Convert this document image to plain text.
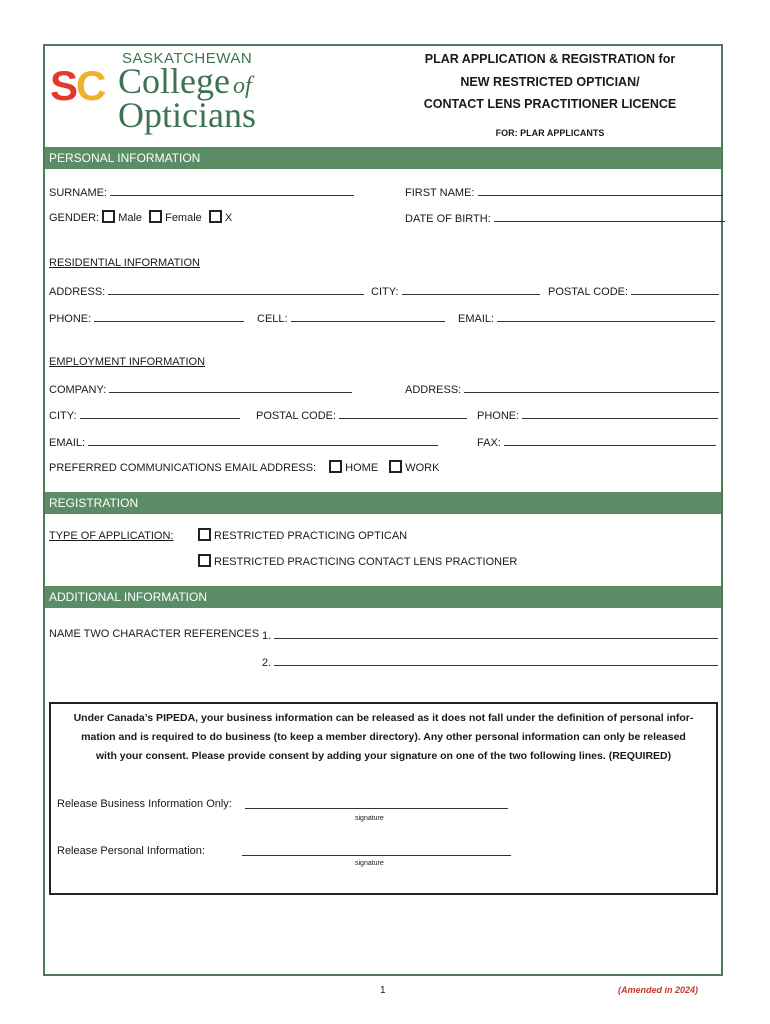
S
C
SASKATCHEWAN
College of
Opticians
PLAR APPLICATION & REGISTRATION for
NEW RESTRICTED OPTICIAN/
CONTACT LENS PRACTITIONER LICENCE
FOR: PLAR APPLICANTS
PERSONAL INFORMATION
SURNAME:	FIRST NAME:
GENDER: Male Female X	DATE OF BIRTH:
RESIDENTIAL INFORMATION
ADDRESS:	CITY:	POSTAL CODE:
PHONE:	CELL:	EMAIL:
EMPLOYMENT INFORMATION
COMPANY:	ADDRESS:
CITY:	POSTAL CODE:	PHONE:
EMAIL:	FAX:
PREFERRED COMMUNICATIONS EMAIL ADDRESS:	HOME WORK
REGISTRATION
TYPE OF APPLICATION:	RESTRICTED PRACTICING OPTICAN
RESTRICTED PRACTICING CONTACT LENS PRACTIONER
ADDITIONAL INFORMATION
NAME TWO CHARACTER REFERENCES 1.
2.
Under Canada’s PIPEDA, your business information can be released as it does not fall under the definition of personal infor-
mation and is required to do business (to keep a member directory). Any other personal information can only be released
with your consent. Please provide consent by adding your signature on one of the two following lines. (REQUIRED)
Release Business Information Only:
signature
Release Personal Information:
signature
1	(Amended in 2024)
